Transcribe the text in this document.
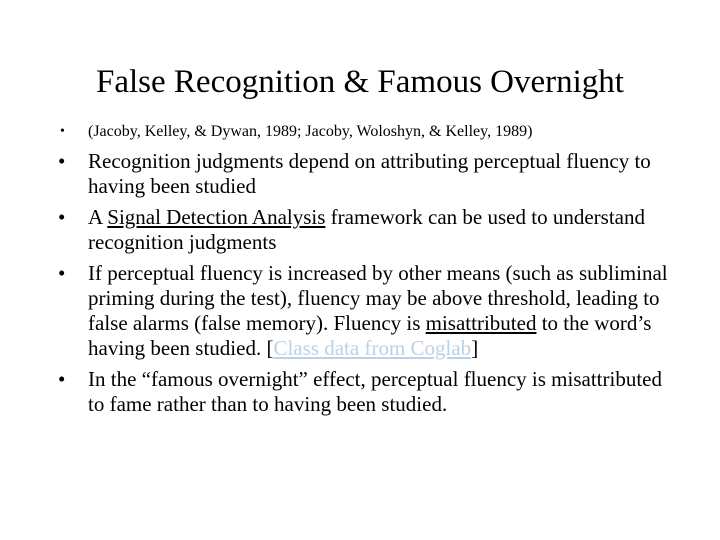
False Recognition & Famous Overnight
• (Jacoby, Kelley, & Dywan, 1989; Jacoby, Woloshyn, & Kelley, 1989)
• Recognition judgments depend on attributing perceptual fluency to having been studied
• A Signal Detection Analysis framework can be used to understand recognition judgments
• If perceptual fluency is increased by other means (such as subliminal priming during the test), fluency may be above threshold, leading to false alarms (false memory). Fluency is misattributed to the word’s having been studied. [Class data from Coglab]
• In the “famous overnight” effect, perceptual fluency is misattributed to fame rather than to having been studied.
